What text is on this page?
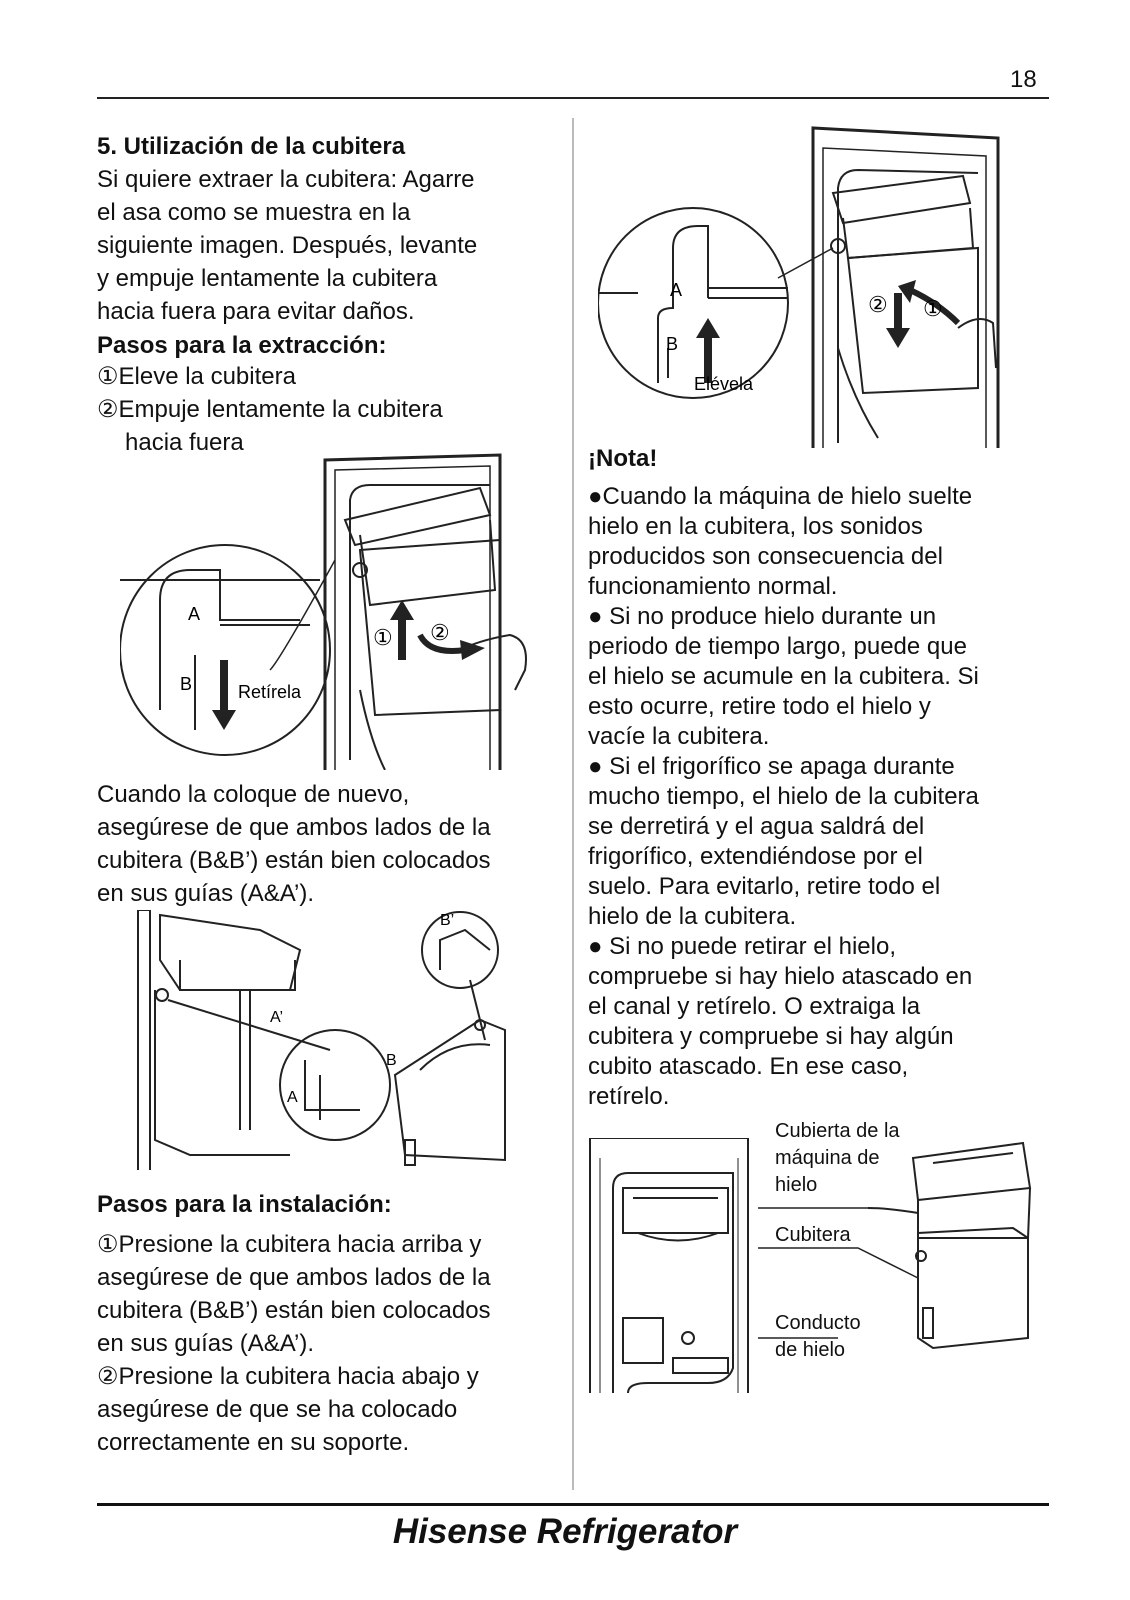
18
5. Utilización de la cubitera
Si quiere extraer la cubitera: Agarre
el asa como se muestra en la
siguiente imagen. Después, levante
y empuje lentamente la cubitera
hacia fuera para evitar daños.
Pasos para la extracción:
①Eleve la cubitera
②Empuje lentamente la cubitera
hacia fuera
A
B	Retírela
① ②
Cuando la coloque de nuevo,
asegúrese de que ambos lados de la
cubitera (B&B’) están bien colocados
en sus guías (A&A’).
B’
A’
A
B
Pasos para la instalación:
①Presione la cubitera hacia arriba y
asegúrese de que ambos lados de la
cubitera (B&B’) están bien colocados
en sus guías (A&A’).
②Presione la cubitera hacia abajo y
asegúrese de que se ha colocado
correctamente en su soporte.
A
B
Elévela
② ①
¡Nota!
●Cuando la máquina de hielo suelte
hielo en la cubitera, los sonidos
producidos son consecuencia del
funcionamiento normal.
● Si no produce hielo durante un
periodo de tiempo largo, puede que
el hielo se acumule en la cubitera. Si
esto ocurre, retire todo el hielo y
vacíe la cubitera.
● Si el frigorífico se apaga durante
mucho tiempo, el hielo de la cubitera
se derretirá y el agua saldrá del
frigorífico, extendiéndose por el
suelo. Para evitarlo, retire todo el
hielo de la cubitera.
● Si no puede retirar el hielo,
compruebe si hay hielo atascado en
el canal y retírelo. O extraiga la
cubitera y compruebe si hay algún
cubito atascado. En ese caso,
retírelo.
Cubierta de la
máquina de
hielo
Cubitera
Conducto
de hielo
Hisense Refrigerator
